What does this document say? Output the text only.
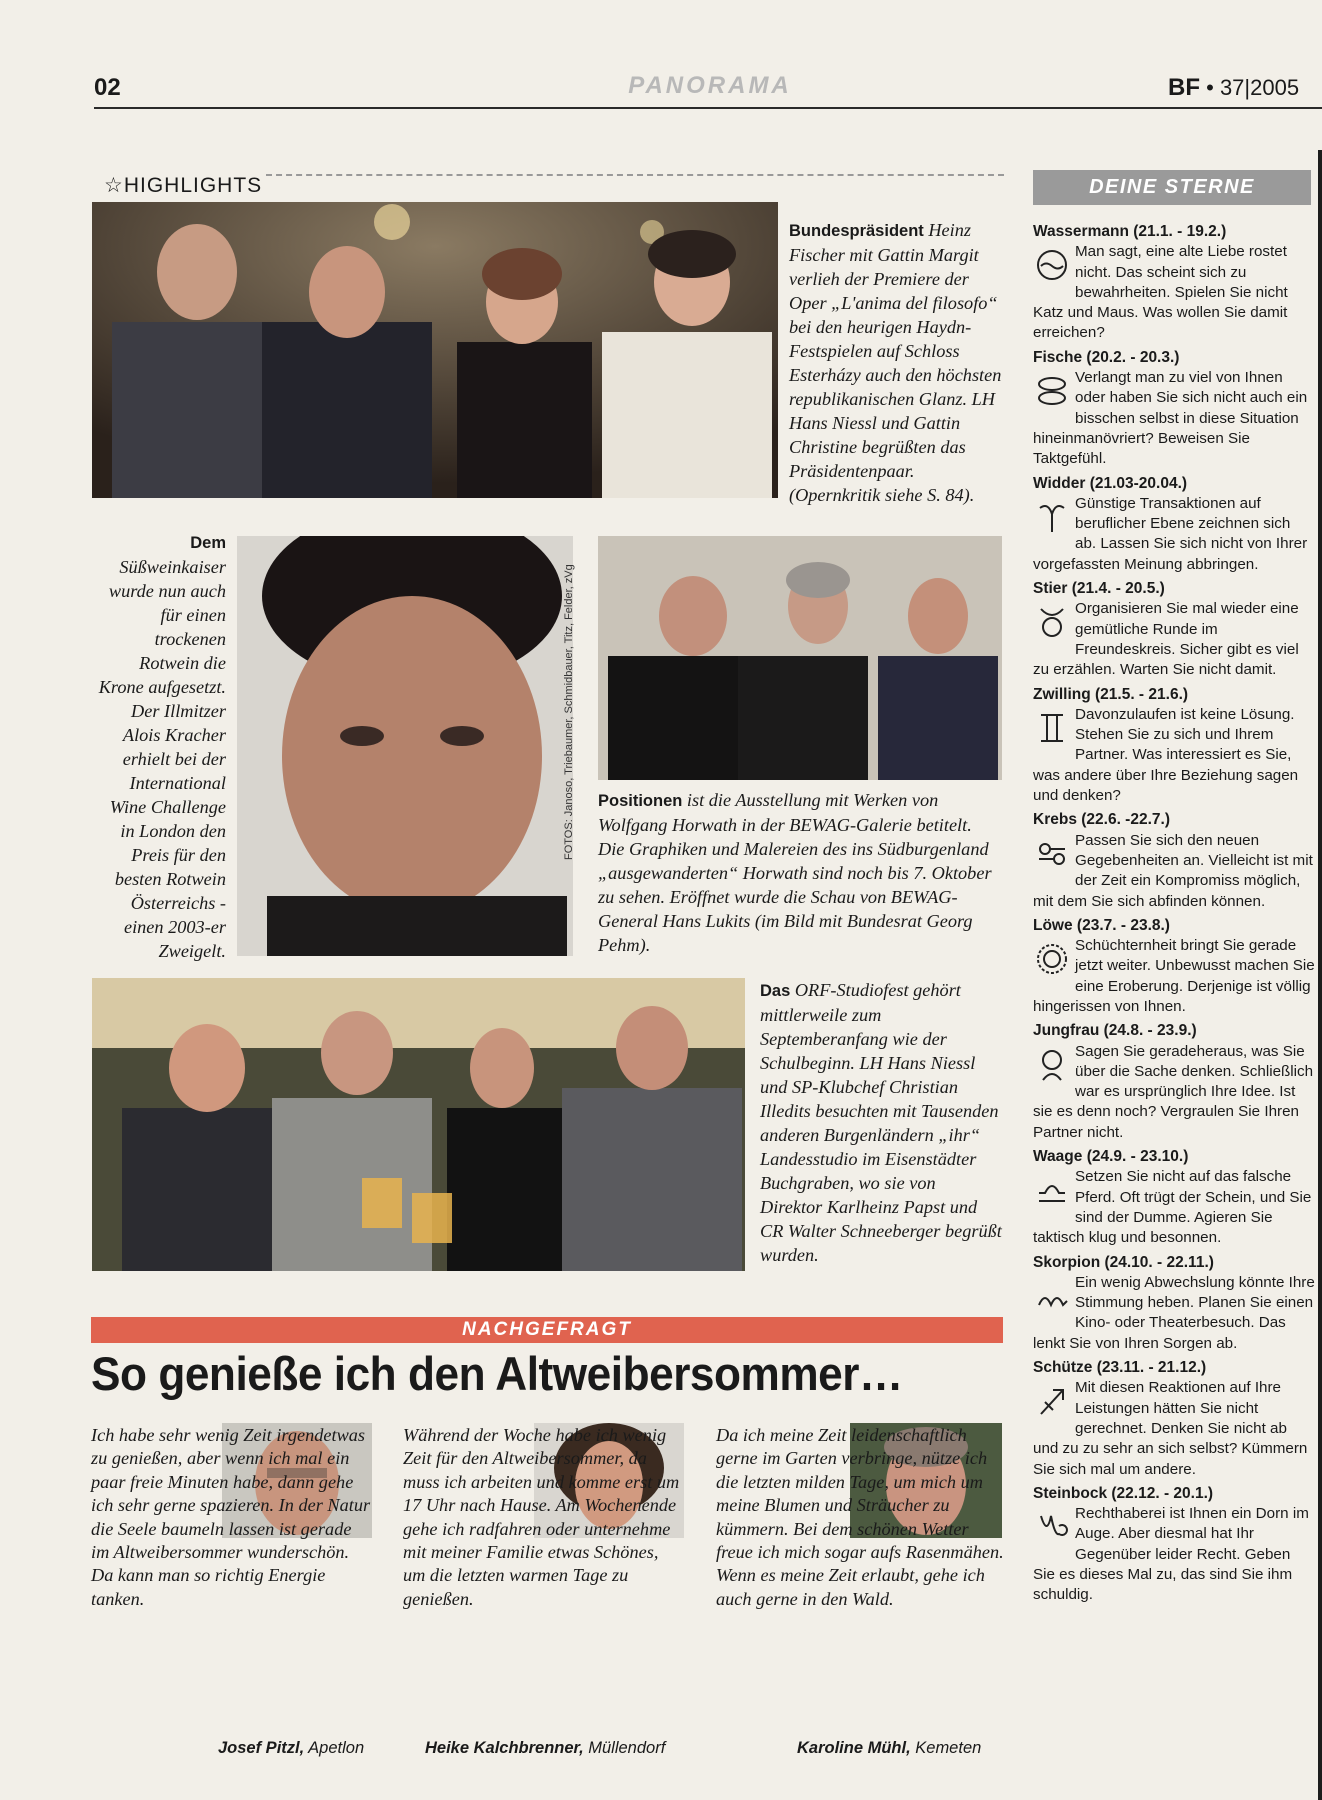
02	PANORAMA	BF • 37|2005
☆HIGHLIGHTS
Bundespräsident Heinz Fischer mit Gattin Margit verlieh der Premiere der Oper „L'anima del filosofo“ bei den heurigen Haydn-Festspielen auf Schloss Esterházy auch den höchsten republikanischen Glanz. LH Hans Niessl und Gattin Christine begrüßten das Präsidentenpaar. (Opernkritik siehe S. 84).
Dem Süßweinkaiser wurde nun auch für einen trockenen Rotwein die Krone aufgesetzt. Der Illmitzer Alois Kracher erhielt bei der International Wine Challenge in London den Preis für den besten Rotwein Österreichs - einen 2003-er Zweigelt.
FOTOS: Janoso, Triebaumer, Schmidbauer, Titz, Felder, zVg Positionen ist die Ausstellung mit Werken von Wolfgang Horwath in der BEWAG-Galerie betitelt. Die Graphiken und Malereien des ins Südburgenland „ausgewanderten“ Horwath sind noch bis 7. Oktober zu sehen. Eröffnet wurde die Schau von BEWAG-General Hans Lukits (im Bild mit Bundesrat Georg Pehm).
Das ORF-Studiofest gehört mittlerweile zum Septemberanfang wie der Schulbeginn. LH Hans Niessl und SP-Klubchef Christian Illedits besuchten mit Tausenden anderen Burgenländern „ihr“ Landesstudio im Eisenstädter Buchgraben, wo sie von Direktor Karlheinz Papst und CR Walter Schneeberger begrüßt wurden.
NACHGEFRAGT
So genieße ich den Altweibersommer…
Ich habe sehr wenig Zeit irgendetwas zu genießen, aber wenn ich mal ein paar freie Minuten habe, dann gehe ich sehr gerne spazieren. In der Natur die Seele baumeln lassen ist gerade im Altweibersommer wunderschön. Da kann man so richtig Energie tanken.
Während der Woche habe ich wenig Zeit für den Altweibersommer, da muss ich arbeiten und komme erst um 17 Uhr nach Hause. Am Wochenende gehe ich radfahren oder unternehme mit meiner Familie etwas Schönes, um die letzten warmen Tage zu genießen.
Da ich meine Zeit leidenschaftlich gerne im Garten verbringe, nütze ich die letzten milden Tage, um mich um meine Blumen und Sträucher zu kümmern. Bei dem schönen Wetter freue ich mich sogar aufs Rasenmähen. Wenn es meine Zeit erlaubt, gehe ich auch gerne in den Wald.
Josef Pitzl, Apetlon	Heike Kalchbrenner, Müllendorf	Karoline Mühl, Kemeten
DEINE STERNE
Wassermann (21.1. - 19.2.)
Man sagt, eine alte Liebe rostet nicht. Das scheint sich zu bewahrheiten. Spielen Sie nicht Katz und Maus. Was wollen Sie damit erreichen?
Fische (20.2. - 20.3.)
Verlangt man zu viel von Ihnen oder haben Sie sich nicht auch ein bisschen selbst in diese Situation hineinmanövriert? Beweisen Sie Taktgefühl.
Widder (21.03-20.04.)
Günstige Transaktionen auf beruflicher Ebene zeichnen sich ab. Lassen Sie sich nicht von Ihrer vorgefassten Meinung abbringen.
Stier (21.4. - 20.5.)
Organisieren Sie mal wieder eine gemütliche Runde im Freundeskreis. Sicher gibt es viel zu erzählen. Warten Sie nicht damit.
Zwilling (21.5. - 21.6.)
Davonzulaufen ist keine Lösung. Stehen Sie zu sich und Ihrem Partner. Was interessiert es Sie, was andere über Ihre Beziehung sagen und denken?
Krebs (22.6. -22.7.)
Passen Sie sich den neuen Gegebenheiten an. Vielleicht ist mit der Zeit ein Kompromiss möglich, mit dem Sie sich abfinden können.
Löwe (23.7. - 23.8.)
Schüchternheit bringt Sie gerade jetzt weiter. Unbewusst machen Sie eine Eroberung. Derjenige ist völlig hingerissen von Ihnen.
Jungfrau (24.8. - 23.9.)
Sagen Sie geradeheraus, was Sie über die Sache denken. Schließlich war es ursprünglich Ihre Idee. Ist sie es denn noch? Vergraulen Sie Ihren Partner nicht.
Waage (24.9. - 23.10.)
Setzen Sie nicht auf das falsche Pferd. Oft trügt der Schein, und Sie sind der Dumme. Agieren Sie taktisch klug und besonnen.
Skorpion (24.10. - 22.11.)
Ein wenig Abwechslung könnte Ihre Stimmung heben. Planen Sie einen Kino- oder Theaterbesuch. Das lenkt Sie von Ihren Sorgen ab.
Schütze (23.11. - 21.12.)
Mit diesen Reaktionen auf Ihre Leistungen hätten Sie nicht gerechnet. Denken Sie nicht ab und zu zu sehr an sich selbst? Kümmern Sie sich mal um andere.
Steinbock (22.12. - 20.1.)
Rechthaberei ist Ihnen ein Dorn im Auge. Aber diesmal hat Ihr Gegenüber leider Recht. Geben Sie es dieses Mal zu, das sind Sie ihm schuldig.
